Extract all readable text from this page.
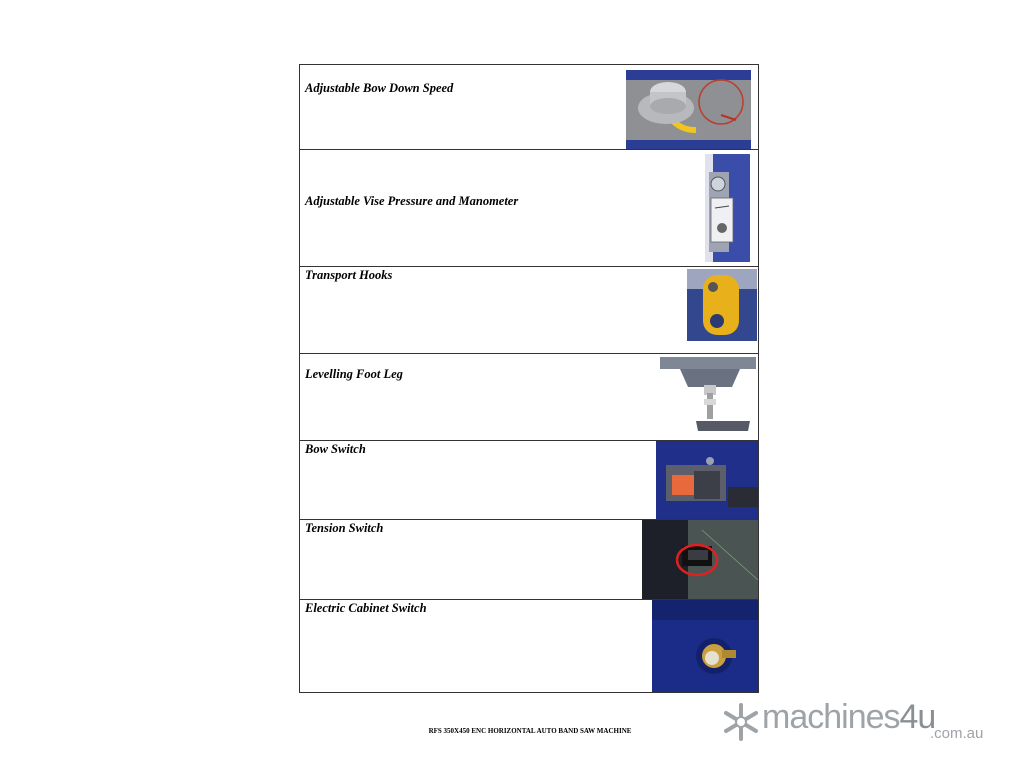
Adjustable Bow Down Speed
Adjustable Vise Pressure and Manometer
Transport Hooks
Levelling Foot Leg
Bow Switch
Tension Switch
Electric Cabinet Switch
RFS 350X450 ENC HORIZONTAL AUTO BAND SAW MACHINE	machines4u
.com.au
